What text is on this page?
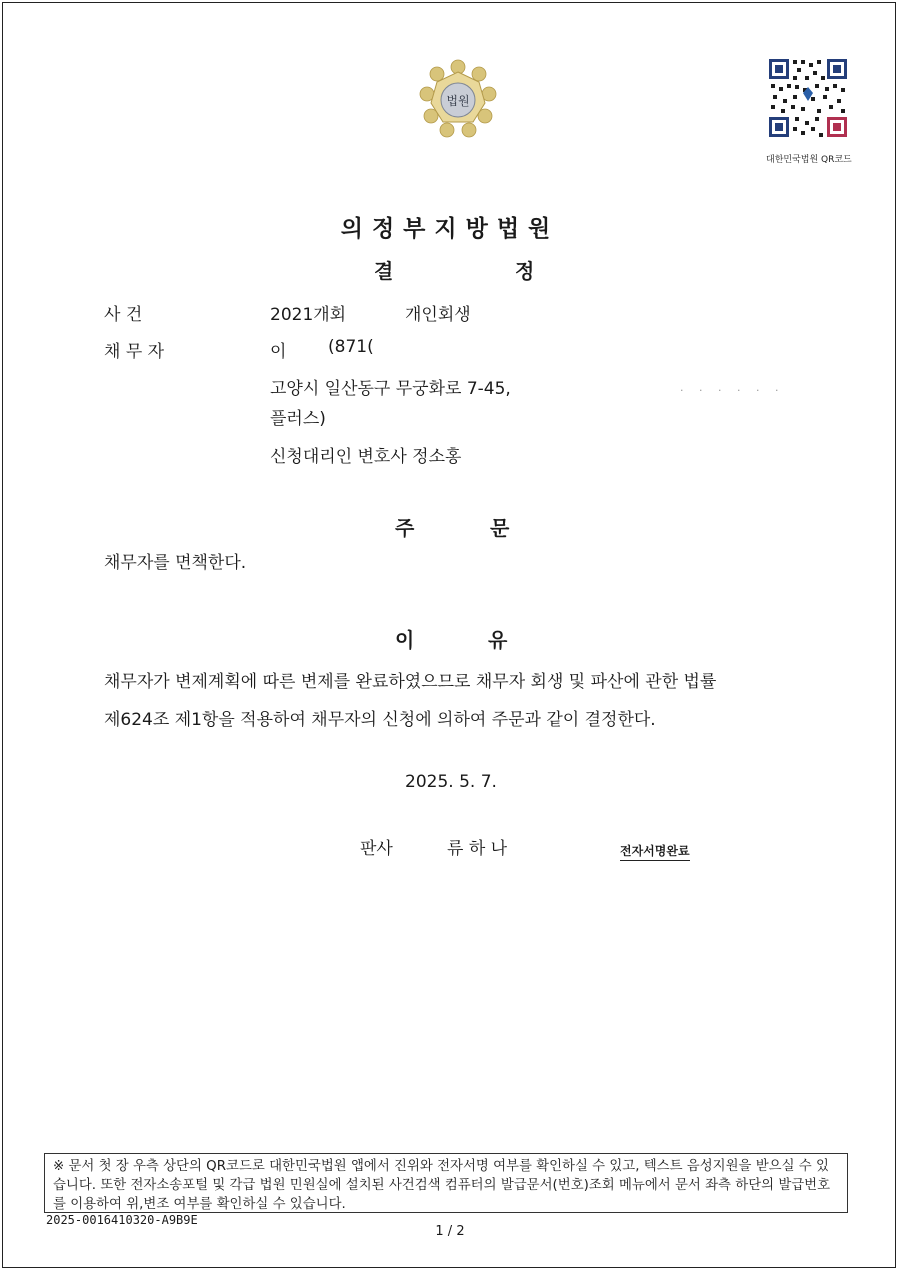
법원
대한민국법원 QR코드
의정부지방법원
결	정
사 건	2021개회	개인회생
채 무 자	이 (871(
고양시 일산동구 무궁화로 7-45,
플러스)
신청대리인 변호사 정소홍
· · · · · ·
주	문
채무자를 면책한다.
이	유
채무자가 변제계획에 따른 변제를 완료하였으므로 채무자 회생 및 파산에 관한 법률
제624조 제1항을 적용하여 채무자의 신청에 의하여 주문과 같이 결정한다.
2025. 5. 7.
판사	류 하 나	전자서명완료
※ 문서 첫 장 우측 상단의 QR코드로 대한민국법원 앱에서 진위와 전자서명 여부를 확인하실 수 있고, 텍스트 음성지원을 받으실 수 있습니다. 또한 전자소송포털 및 각급 법원 민원실에 설치된 사건검색 컴퓨터의 발급문서(번호)조회 메뉴에서 문서 좌측 하단의 발급번호를 이용하여 위,변조 여부를 확인하실 수 있습니다.
2025-0016410320-A9B9E
1 / 2
